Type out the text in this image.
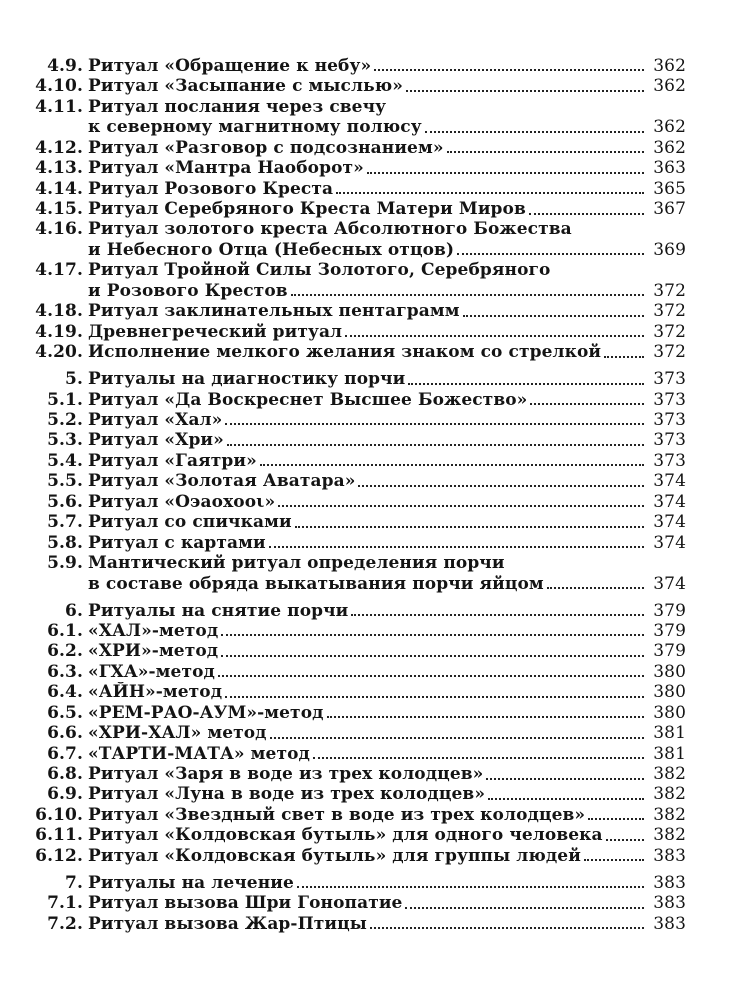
4.9. Ритуал «Обращение к небу»	362
4.10. Ритуал «Засыпание с мыслью»	362
4.11. Ритуал послания через свечу
к северному магнитному полюсу	362
4.12. Ритуал «Разговор с подсознанием»	362
4.13. Ритуал «Мантра Наоборот»	363
4.14. Ритуал Розового Креста	365
4.15. Ритуал Серебряного Креста Матери Миров	367
4.16. Ритуал золотого креста Абсолютного Божества
и Небесного Отца (Небесных отцов)	369
4.17. Ритуал Тройной Силы Золотого, Серебряного
и Розового Крестов	372
4.18. Ритуал заклинательных пентаграмм	372
4.19. Древнегреческий ритуал	372
4.20. Исполнение мелкого желания знаком со стрелкой	372
5. Ритуалы на диагностику порчи	373
5.1. Ритуал «Да Воскреснет Высшее Божество»	373
5.2. Ритуал «Хал»	373
5.3. Ритуал «Хри»	373
5.4. Ритуал «Гаятри»	373
5.5. Ритуал «Золотая Аватара»	374
5.6. Ритуал «Оэаохооι»	374
5.7. Ритуал со спичками	374
5.8. Ритуал с картами	374
5.9. Мантический ритуал определения порчи
в составе обряда выкатывания порчи яйцом	374
6. Ритуалы на снятие порчи	379
6.1. «ХАЛ»-метод	379
6.2. «ХРИ»-метод	379
6.3. «ГХА»-метод	380
6.4. «АЙН»-метод	380
6.5. «РЕМ-РАО-АУМ»-метод	380
6.6. «ХРИ-ХАЛ» метод	381
6.7. «ТАРТИ-МАТА» метод	381
6.8. Ритуал «Заря в воде из трех колодцев»	382
6.9. Ритуал «Луна в воде из трех колодцев»	382
6.10. Ритуал «Звездный свет в воде из трех колодцев»	382
6.11. Ритуал «Колдовская бутыль» для одного человека	382
6.12. Ритуал «Колдовская бутыль» для группы людей	383
7. Ритуалы на лечение	383
7.1. Ритуал вызова Шри Гонопатие	383
7.2. Ритуал вызова Жар-Птицы	383
